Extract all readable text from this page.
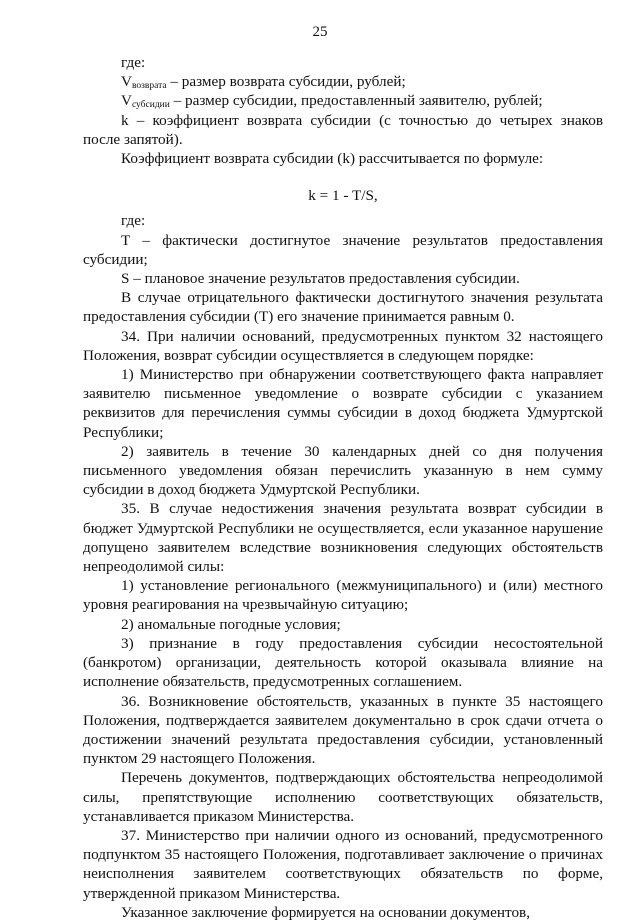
25

где:

$V_{возврата}$ – размер возврата субсидии, рублей;

$V_{субсидии}$ – размер субсидии, предоставленный заявителю, рублей;

k – коэффициент возврата субсидии (с точностью до четырех знаков после запятой).

Коэффициент возврата субсидии (k) рассчитывается по формуле:

k = 1 - T/S,

где:

T – фактически достигнутое значение результатов предоставления субсидии;

S – плановое значение результатов предоставления субсидии.

В случае отрицательного фактически достигнутого значения результата предоставления субсидии (T) его значение принимается равным 0.

34. При наличии оснований, предусмотренных пунктом 32 настоящего Положения, возврат субсидии осуществляется в следующем порядке:

1) Министерство при обнаружении соответствующего факта направляет заявителю письменное уведомление о возврате субсидии с указанием реквизитов для перечисления суммы субсидии в доход бюджета Удмуртской Республики;

2) заявитель в течение 30 календарных дней со дня получения письменного уведомления обязан перечислить указанную в нем сумму субсидии в доход бюджета Удмуртской Республики.

35. В случае недостижения значения результата возврат субсидии в бюджет Удмуртской Республики не осуществляется, если указанное нарушение допущено заявителем вследствие возникновения следующих обстоятельств непреодолимой силы:

1) установление регионального (межмуниципального) и (или) местного уровня реагирования на чрезвычайную ситуацию;

2) аномальные погодные условия;

3) признание в году предоставления субсидии несостоятельной (банкротом) организации, деятельность которой оказывала влияние на исполнение обязательств, предусмотренных соглашением.

36. Возникновение обстоятельств, указанных в пункте 35 настоящего Положения, подтверждается заявителем документально в срок сдачи отчета о достижении значений результата предоставления субсидии, установленный пунктом 29 настоящего Положения.

Перечень документов, подтверждающих обстоятельства непреодолимой силы, препятствующие исполнению соответствующих обязательств, устанавливается приказом Министерства.

37. Министерство при наличии одного из оснований, предусмотренного подпунктом 35 настоящего Положения, подготавливает заключение о причинах неисполнения заявителем соответствующих обязательств по форме, утвержденной приказом Министерства.

Указанное заключение формируется на основании документов,
